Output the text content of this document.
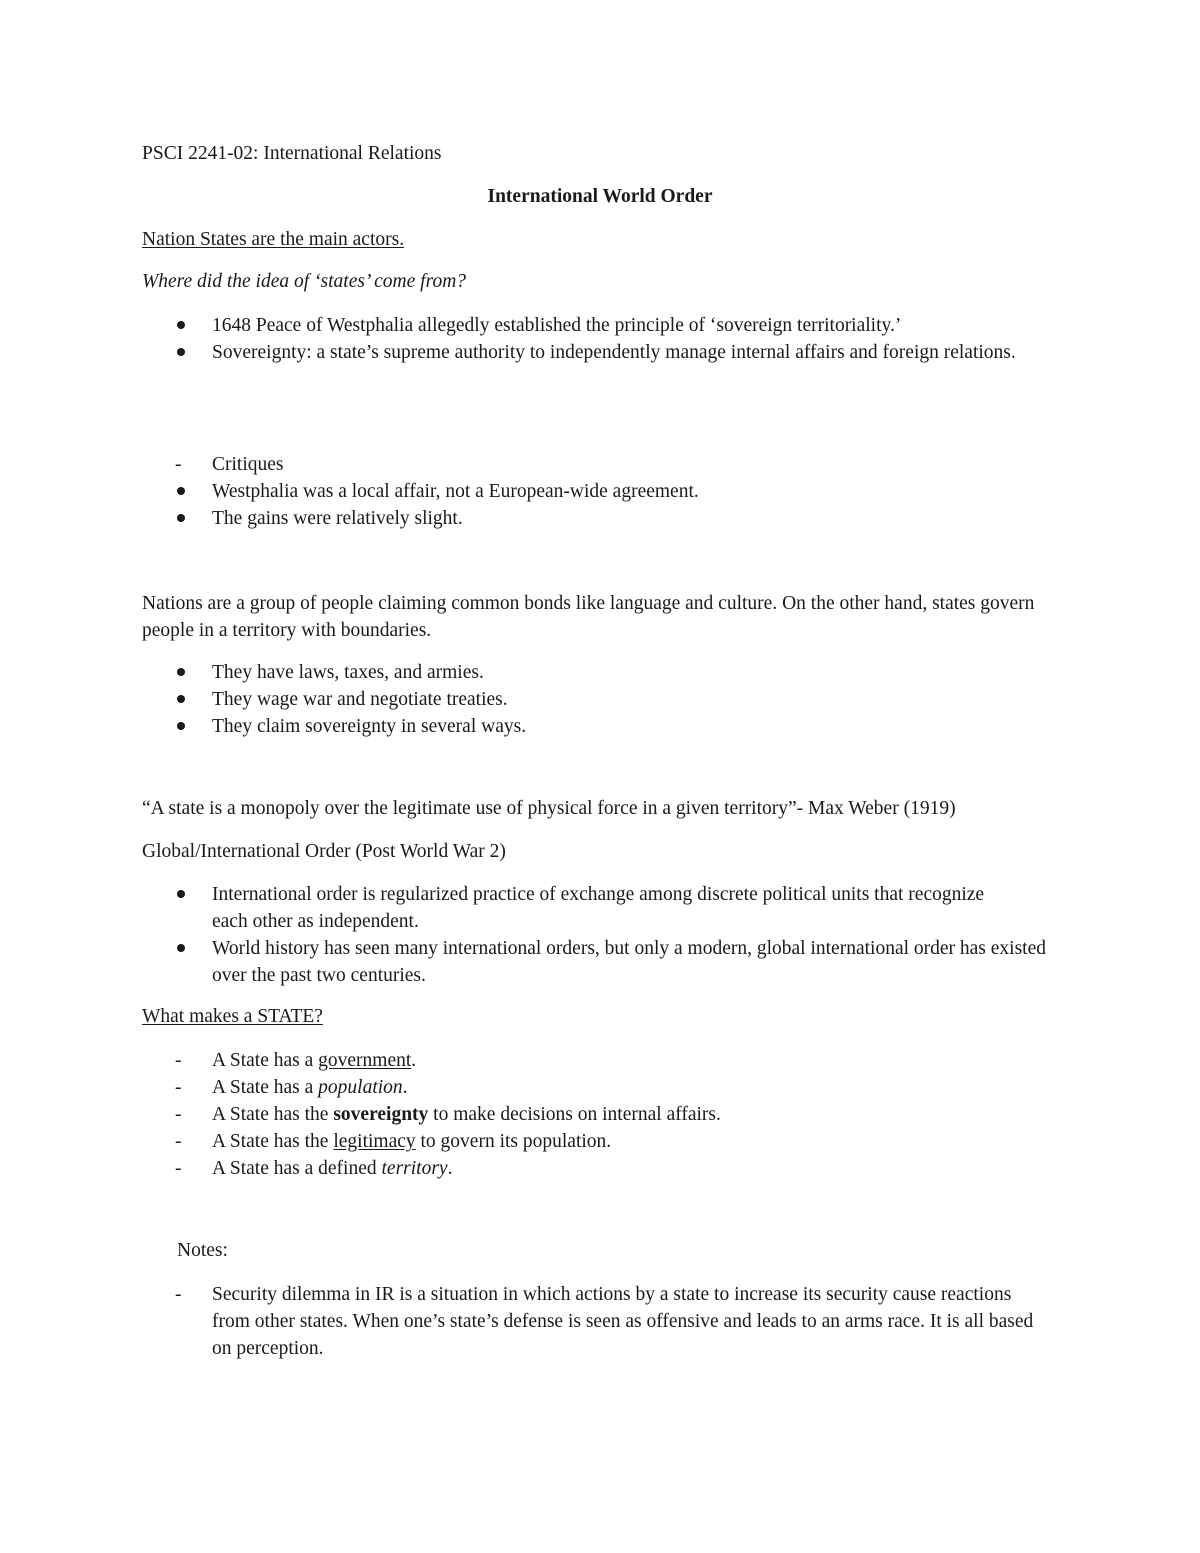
PSCI 2241-02: International Relations
International World Order
Nation States are the main actors.
Where did the idea of ‘states’ come from?
1648 Peace of Westphalia allegedly established the principle of ‘sovereign territoriality.’
Sovereignty: a state’s supreme authority to independently manage internal affairs and foreign relations.
- Critiques
Westphalia was a local affair, not a European-wide agreement.
The gains were relatively slight.
Nations are a group of people claiming common bonds like language and culture. On the other hand, states govern people in a territory with boundaries.
They have laws, taxes, and armies.
They wage war and negotiate treaties.
They claim sovereignty in several ways.
“A state is a monopoly over the legitimate use of physical force in a given territory”- Max Weber (1919)
Global/International Order (Post World War 2)
International order is regularized practice of exchange among discrete political units that recognize each other as independent.
World history has seen many international orders, but only a modern, global international order has existed over the past two centuries.
What makes a STATE?
- A State has a government.
- A State has a population.
- A State has the sovereignty to make decisions on internal affairs.
- A State has the legitimacy to govern its population.
- A State has a defined territory.
Notes:
- Security dilemma in IR is a situation in which actions by a state to increase its security cause reactions from other states. When one’s state’s defense is seen as offensive and leads to an arms race. It is all based on perception.
